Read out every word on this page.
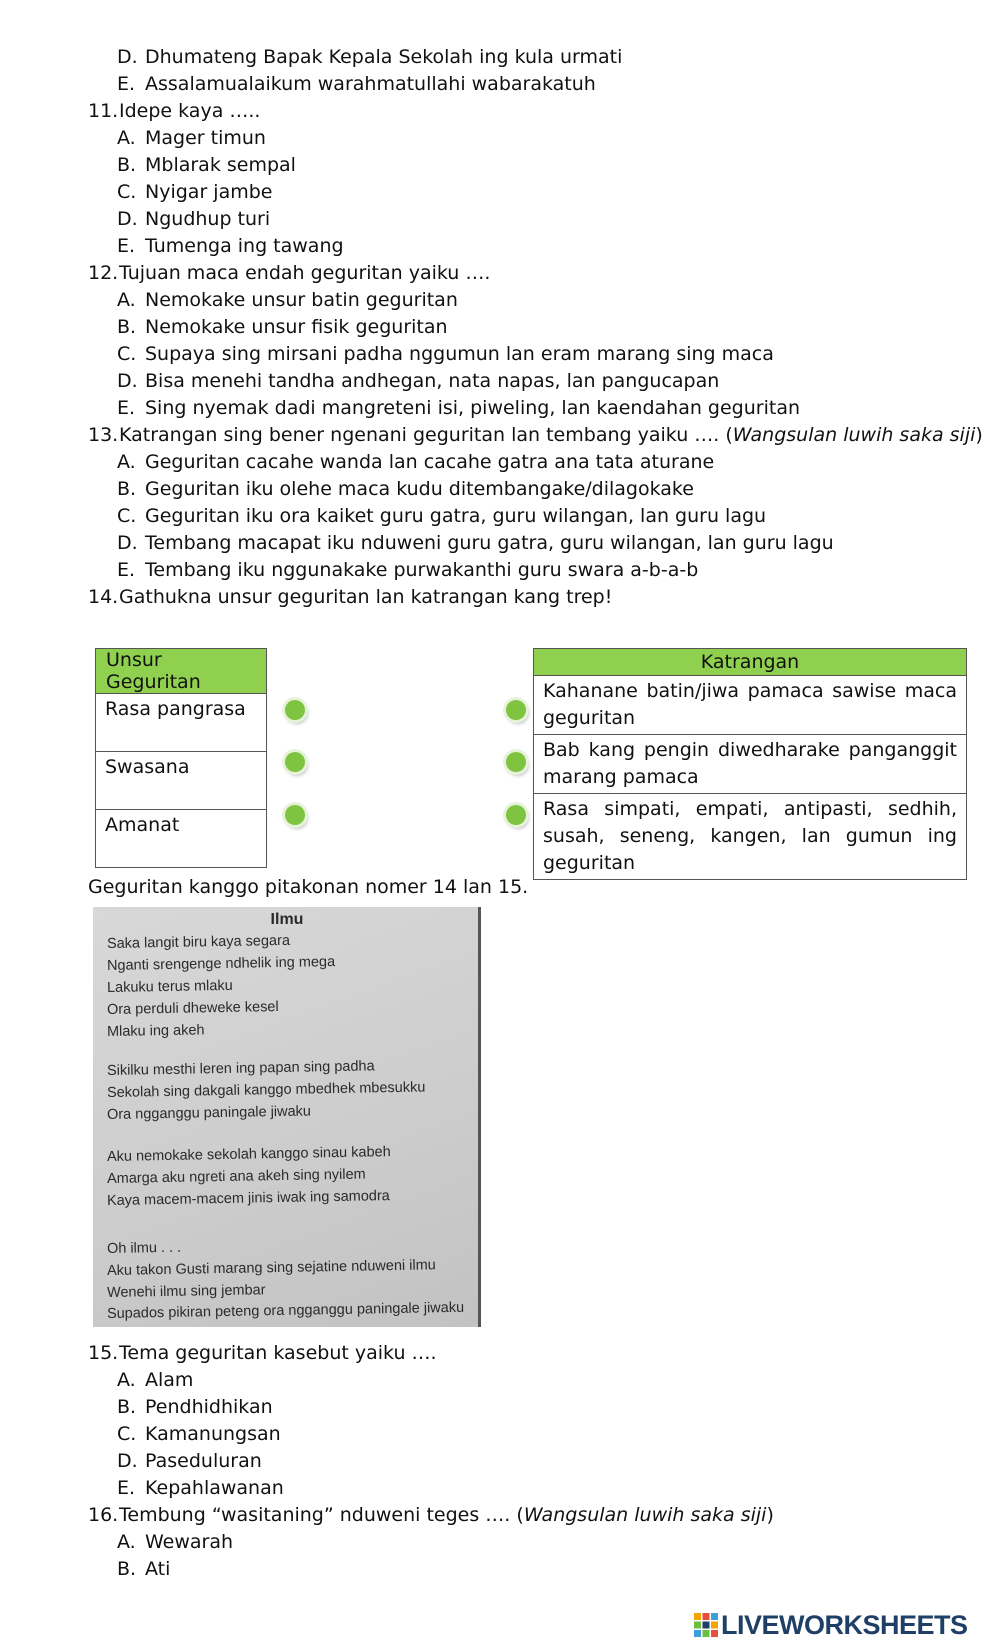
D. Dhumateng Bapak Kepala Sekolah ing kula urmati
E. Assalamualaikum warahmatullahi wabarakatuh
11.Idepe kaya …..
A. Mager timun
B. Mblarak sempal
C. Nyigar jambe
D. Ngudhup turi
E. Tumenga ing tawang
12.Tujuan maca endah geguritan yaiku ….
A. Nemokake unsur batin geguritan
B. Nemokake unsur fisik geguritan
C. Supaya sing mirsani padha nggumun lan eram marang sing maca
D. Bisa menehi tandha andhegan, nata napas, lan pangucapan
E. Sing nyemak dadi mangreteni isi, piweling, lan kaendahan geguritan
13.Katrangan sing bener ngenani geguritan lan tembang yaiku …. (Wangsulan luwih saka siji)
A. Geguritan cacahe wanda lan cacahe gatra ana tata aturane
B. Geguritan iku olehe maca kudu ditembangake/dilagokake
C. Geguritan iku ora kaiket guru gatra, guru wilangan, lan guru lagu
D. Tembang macapat iku nduweni guru gatra, guru wilangan, lan guru lagu
E. Tembang iku nggunakake purwakanthi guru swara a-b-a-b
14.Gathukna unsur geguritan lan katrangan kang trep!
Unsur Geguritan
Rasa pangrasa
Swasana
Amanat
Katrangan
Kahanane batin/jiwa pamaca sawise maca geguritan
Bab kang pengin diwedharake panganggit marang pamaca
Rasa simpati, empati, antipasti, sedhih, susah, seneng, kangen, lan gumun ing geguritan
Geguritan kanggo pitakonan nomer 14 lan 15.
Ilmu
Saka langit biru kaya segara
Nganti srengenge ndhelik ing mega
Lakuku terus mlaku
Ora perduli dheweke kesel
Mlaku ing akeh
Sikilku mesthi leren ing papan sing padha
Sekolah sing dakgali kanggo mbedhek mbesukku
Ora ngganggu paningale jiwaku
Aku nemokake sekolah kanggo sinau kabeh
Amarga aku ngreti ana akeh sing nyilem
Kaya macem-macem jinis iwak ing samodra
Oh ilmu . . .
Aku takon Gusti marang sing sejatine nduweni ilmu
Wenehi ilmu sing jembar
Supados pikiran peteng ora ngganggu paningale jiwaku
15.Tema geguritan kasebut yaiku ….
A. Alam
B. Pendhidhikan
C. Kamanungsan
D. Paseduluran
E. Kepahlawanan
16.Tembung “wasitaning” nduweni teges …. (Wangsulan luwih saka siji)
A. Wewarah
B. Ati
LIVEWORKSHEETS
